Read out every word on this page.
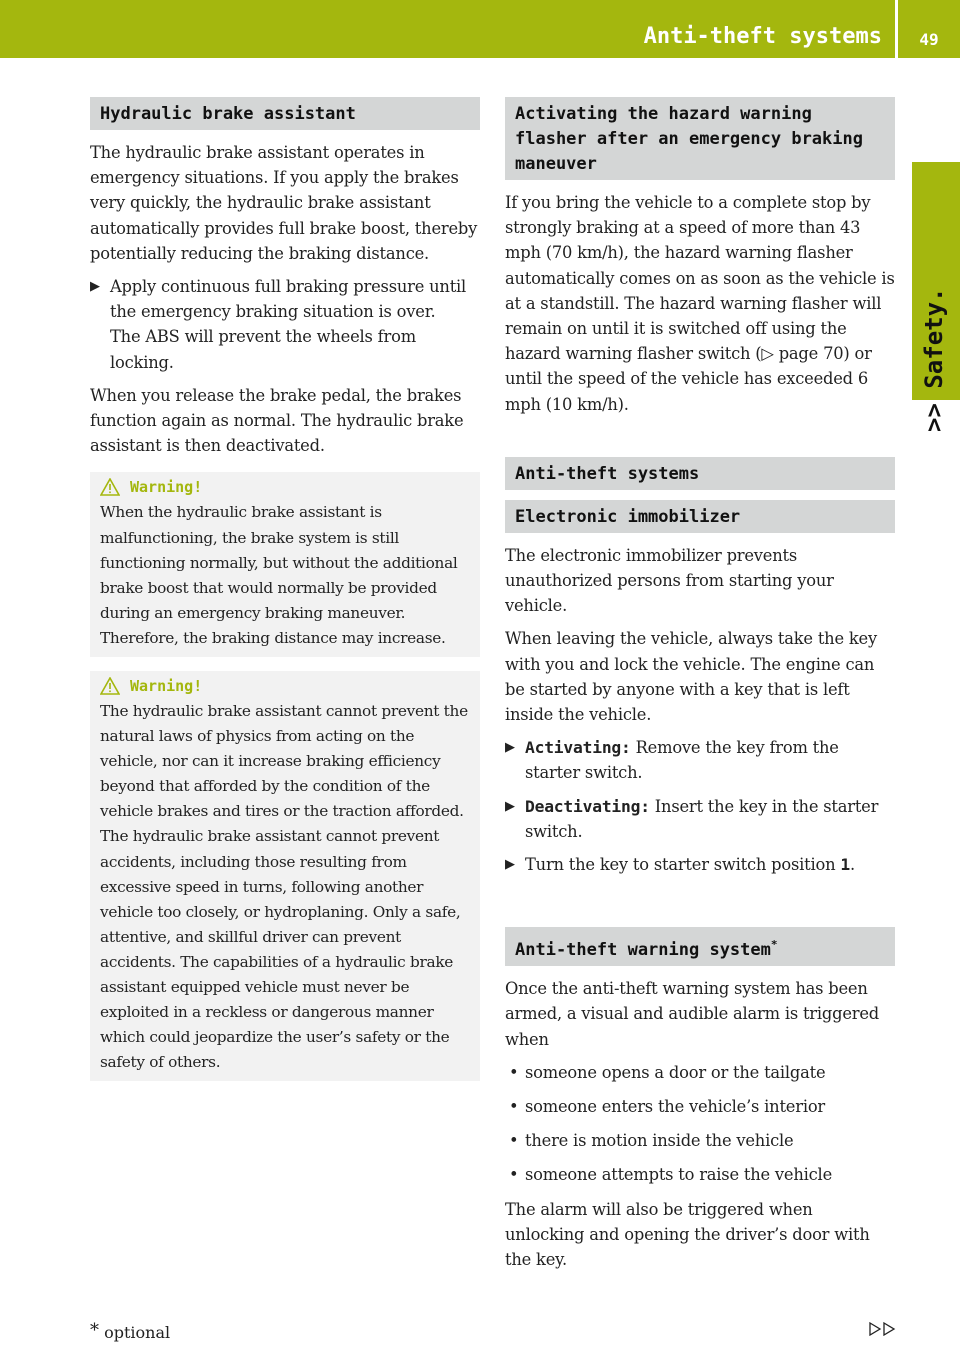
Anti-theft systems	49
>> Safety.
Hydraulic brake assistant

The hydraulic brake assistant operates in emergency situations. If you apply the brakes very quickly, the hydraulic brake assistant automatically provides full brake boost, thereby potentially reducing the braking distance.

▶ Apply continuous full braking pressure until the emergency braking situation is over.
The ABS will prevent the wheels from locking.

When you release the brake pedal, the brakes function again as normal. The hydraulic brake assistant is then deactivated.

Warning!

When the hydraulic brake assistant is malfunctioning, the brake system is still functioning normally, but without the additional brake boost that would normally be provided during an emergency braking maneuver. Therefore, the braking distance may increase.

Warning!

The hydraulic brake assistant cannot prevent the natural laws of physics from acting on the vehicle, nor can it increase braking efficiency beyond that afforded by the condition of the vehicle brakes and tires or the traction afforded. The hydraulic brake assistant cannot prevent accidents, including those resulting from excessive speed in turns, following another vehicle too closely, or hydroplaning. Only a safe, attentive, and skillful driver can prevent accidents. The capabilities of a hydraulic brake assistant equipped vehicle must never be exploited in a reckless or dangerous manner which could jeopardize the user’s safety or the safety of others.

Activating the hazard warning flasher after an emergency braking maneuver

If you bring the vehicle to a complete stop by strongly braking at a speed of more than 43 mph (70 km/h), the hazard warning flasher automatically comes on as soon as the vehicle is at a standstill. The hazard warning flasher will remain on until it is switched off using the hazard warning flasher switch (▷ page 70) or until the speed of the vehicle has exceeded 6 mph (10 km/h).

Anti-theft systems
Electronic immobilizer

The electronic immobilizer prevents unauthorized persons from starting your vehicle.

When leaving the vehicle, always take the key with you and lock the vehicle. The engine can be started by anyone with a key that is left inside the vehicle.

▶ Activating: Remove the key from the starter switch.
▶ Deactivating: Insert the key in the starter switch.
▶ Turn the key to starter switch position 1.
Anti-theft warning system*

Once the anti-theft warning system has been armed, a visual and audible alarm is triggered when

• someone opens a door or the tailgate
• someone enters the vehicle’s interior
• there is motion inside the vehicle
• someone attempts to raise the vehicle

The alarm will also be triggered when unlocking and opening the driver’s door with the key.

* optional
